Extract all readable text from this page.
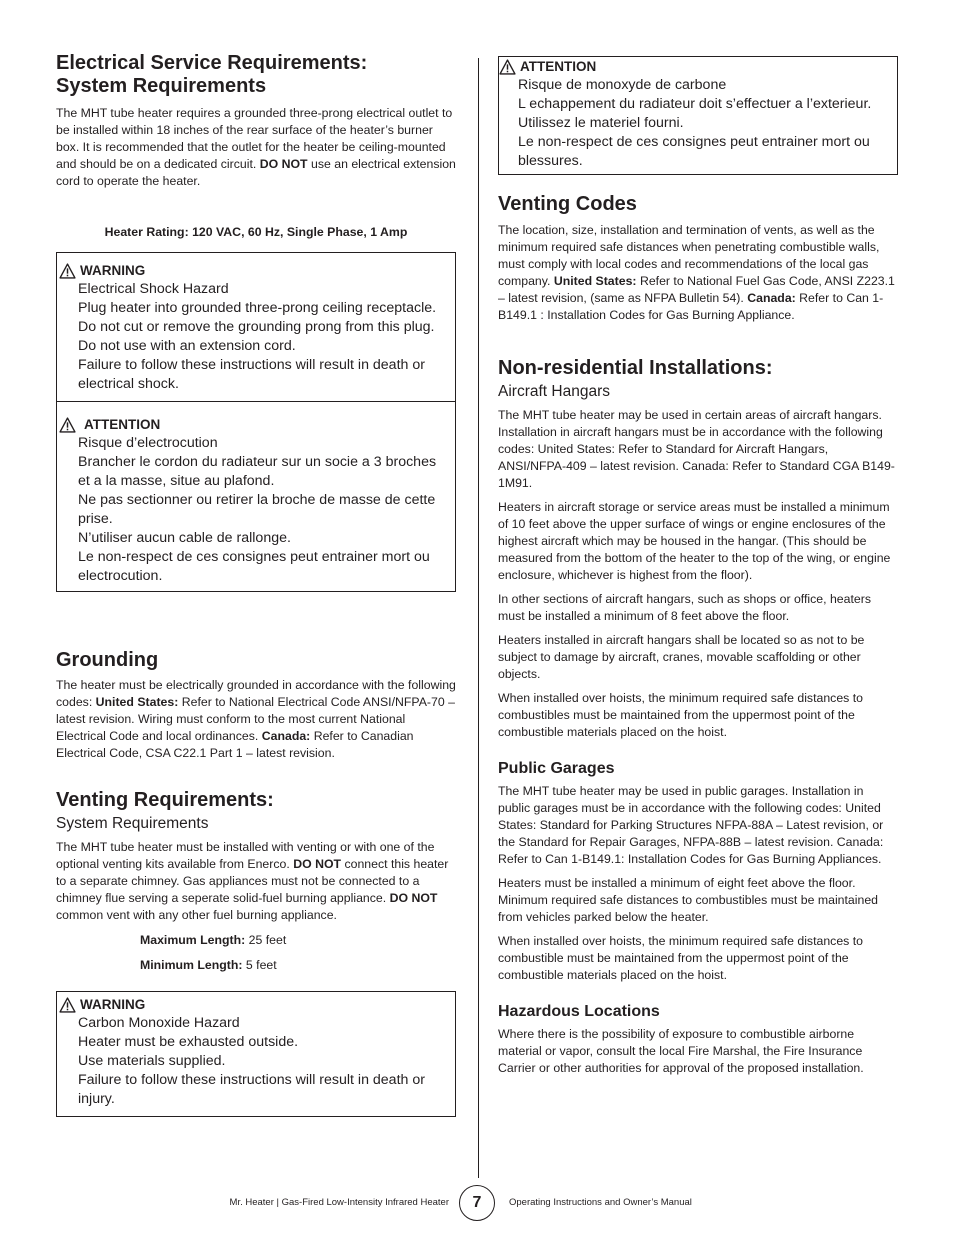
Electrical Service Requirements:
System Requirements

The MHT tube heater requires a grounded three-prong electrical outlet to be installed within 18 inches of the rear surface of the heater’s burner box. It is recommended that the outlet for the heater be ceiling-mounted and should be on a dedicated circuit. DO NOT use an electrical extension cord to operate the heater.

Heater Rating: 120 VAC, 60 Hz, Single Phase, 1 Amp

WARNING
Electrical Shock Hazard
Plug heater into grounded three-prong ceiling receptacle.
Do not cut or remove the grounding prong from this plug.
Do not use with an extension cord.
Failure to follow these instructions will result in death or electrical shock.
ATTENTION
Risque d’electrocution
Brancher le cordon du radiateur sur un socie a 3 broches et a la masse, situe au plafond.
Ne pas sectionner ou retirer la broche de masse de cette prise.
N’utiliser aucun cable de rallonge.
Le non-respect de ces consignes peut entrainer mort ou electrocution.
Grounding

The heater must be electrically grounded in accordance with the following codes: United States: Refer to National Electrical Code ANSI/NFPA-70 – latest revision. Wiring must conform to the most current National Electrical Code and local ordinances. Canada: Refer to Canadian Electrical Code, CSA C22.1 Part 1 – latest revision.

Venting Requirements:
System Requirements

The MHT tube heater must be installed with venting or with one of the optional venting kits available from Enerco. DO NOT connect this heater to a separate chimney. Gas appliances must not be connected to a chimney flue serving a seperate solid-fuel burning appliance. DO NOT common vent with any other fuel burning appliance.

Maximum Length: 25 feet

Minimum Length: 5 feet

WARNING
Carbon Monoxide Hazard
Heater must be exhausted outside.
Use materials supplied.
Failure to follow these instructions will result in death or injury.
ATTENTION
Risque de monoxyde de carbone
L echappement du radiateur doit s’effectuer a l’exterieur.
Utilissez le materiel fourni.
Le non-respect de ces consignes peut entrainer mort ou blessures.
Venting Codes

The location, size, installation and termination of vents, as well as the minimum required safe distances when penetrating combustible walls, must comply with local codes and recommendations of the local gas company. United States: Refer to National Fuel Gas Code, ANSI Z223.1 – latest revision, (same as NFPA Bulletin 54). Canada: Refer to Can 1-B149.1 : Installation Codes for Gas Burning Appliance.

Non-residential Installations:
Aircraft Hangars

The MHT tube heater may be used in certain areas of aircraft hangars. Installation in aircraft hangars must be in accordance with the following codes: United States: Refer to Standard for Aircraft Hangars, ANSI/NFPA-409 – latest revision. Canada: Refer to Standard CGA B149-1M91.

Heaters in aircraft storage or service areas must be installed a minimum of 10 feet above the upper surface of wings or engine enclosures of the highest aircraft which may be housed in the hangar. (This should be measured from the bottom of the heater to the top of the wing, or engine enclosure, whichever is highest from the floor).

In other sections of aircraft hangars, such as shops or office, heaters must be installed a minimum of 8 feet above the floor.

Heaters installed in aircraft hangars shall be located so as not to be subject to damage by aircraft, cranes, movable scaffolding or other objects.

When installed over hoists, the minimum required safe distances to combustibles must be maintained from the uppermost point of the combustible materials placed on the hoist.

Public Garages

The MHT tube heater may be used in public garages. Installation in public garages must be in accordance with the following codes: United States: Standard for Parking Structures NFPA-88A – Latest revision, or the Standard for Repair Garages, NFPA-88B – latest revision. Canada: Refer to Can 1-B149.1: Installation Codes for Gas Burning Appliances.

Heaters must be installed a minimum of eight feet above the floor. Minimum required safe distances to combustibles must be maintained from vehicles parked below the heater.

When installed over hoists, the minimum required safe distances to combustible must be maintained from the uppermost point of the combustible materials placed on the hoist.

Hazardous Locations

Where there is the possibility of exposure to combustible airborne material or vapor, consult the local Fire Marshal, the Fire Insurance Carrier or other authorities for approval of the proposed installation.

Mr. Heater | Gas-Fired Low-Intensity Infrared Heater	7	Operating Instructions and Owner’s Manual
